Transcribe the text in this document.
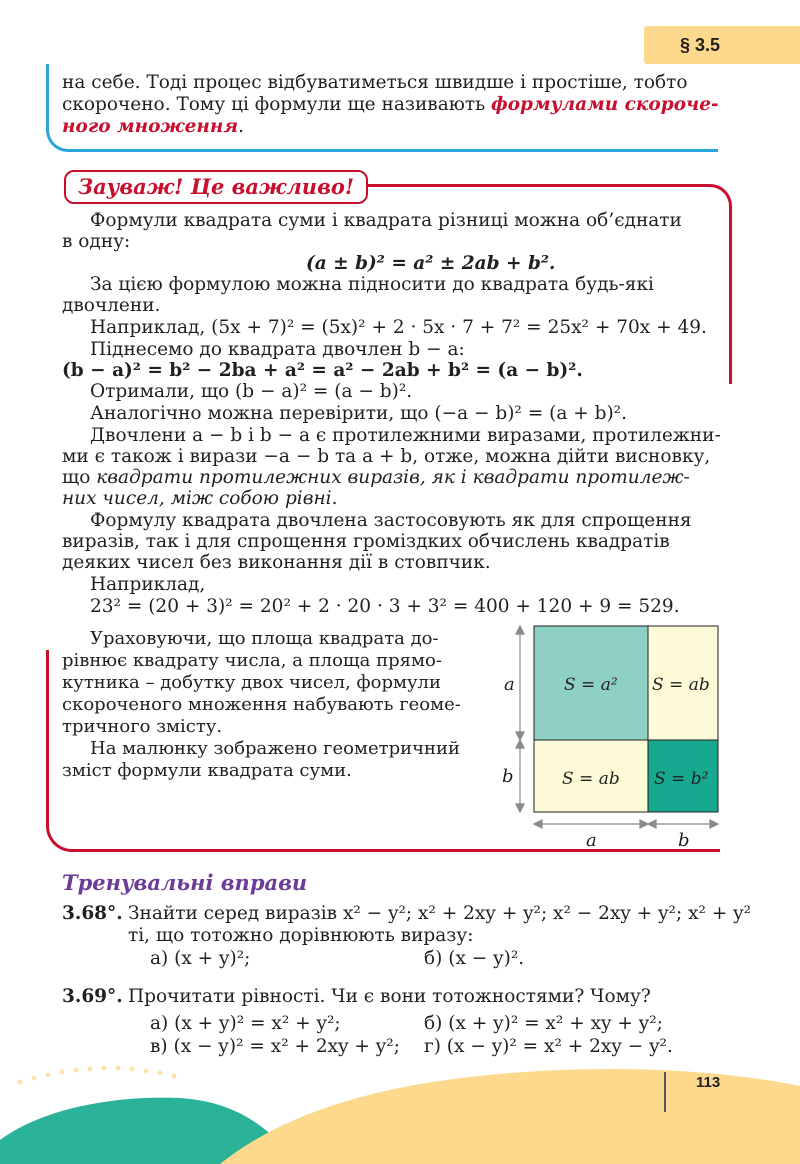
§ 3.5
на себе. Тоді процес відбуватиметься швидше і простіше, тобто
скорочено. Тому ці формули ще називають формулами скороче-
ного множення.
Зауваж! Це важливо!
Формули квадрата суми і квадрата різниці можна об’єднати
в одну:
(a ± b)² = a² ± 2ab + b².
За цією формулою можна підносити до квадрата будь-які
двочлени.
Наприклад, (5x + 7)² = (5x)² + 2 · 5x · 7 + 7² = 25x² + 70x + 49.
Піднесемо до квадрата двочлен b − a:
(b − a)² = b² − 2ba + a² = a² − 2ab + b² = (a − b)².
Отримали, що (b − a)² = (a − b)².
Аналогічно можна перевірити, що (−a − b)² = (a + b)².
Двочлени a − b і b − a є протилежними виразами, протилежни-
ми є також і вирази −a − b та a + b, отже, можна дійти висновку,
що квадрати протилежних виразів, як і квадрати протилеж-
них чисел, між собою рівні.
Формулу квадрата двочлена застосовують як для спрощення
виразів, так і для спрощення громіздких обчислень квадратів
деяких чисел без виконання дії в стовпчик.
Наприклад,
23² = (20 + 3)² = 20² + 2 · 20 · 3 + 3² = 400 + 120 + 9 = 529.
Ураховуючи, що площа квадрата до-
рівнює квадрату числа, а площа прямо-
кутника – добутку двох чисел, формули
скороченого множення набувають геоме-
тричного змісту.
На малюнку зображено геометричний
зміст формули квадрата суми.
a
b
a	b
S = a² S = ab
S = ab S = b²
Тренувальні вправи
3.68°. Знайти серед виразів x² − y²; x² + 2xy + y²; x² − 2xy + y²; x² + y²
ті, що тотожно дорівнюють виразу:
а) (x + y)²;	б) (x − y)².
3.69°. Прочитати рівності. Чи є вони тотожностями? Чому?
а) (x + y)² = x² + y²;	б) (x + y)² = x² + xy + y²;
в) (x − y)² = x² + 2xy + y²; г) (x − y)² = x² + 2xy − y².
113
